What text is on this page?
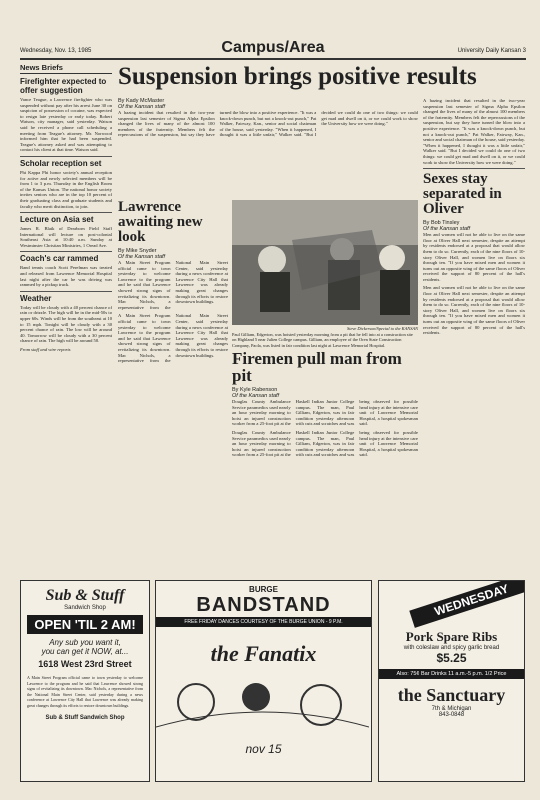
Wednesday, Nov. 13, 1985	Campus/Area	University Daily Kansan 3
News Briefs
Firefighter expected to offer suggestion
Vance Teague, a Lawrence firefighter who was suspended without pay after his arrest June 30 on suspicion of possession of cocaine, was expected to resign late yesterday or early today. Robert Watson, city manager, said yesterday. Watson said he received a phone call scheduling a meeting from Teague's attorney. Mr. Norwood informed him that he had been suspended. Teague's attorney asked and was attempting to contact his client at that time. Watson said.
Scholar reception set
Phi Kappa Phi honor society's annual reception for active and newly selected members will be from 1 to 3 p.m. Thursday in the English Room of the Kansas Union. The national honor society invites seniors who are in the top 10 percent of their graduating class and graduate students and faculty who merit distinction, to join.
Lecture on Asia set
James R. Blaik of Dearborn Field Staff International will lecture on post-colonial Southeast Asia at 10:40 a.m. Sunday at Westminster Christian Ministries, 1 Oread Ave.
Coach's car rammed
Band tennis coach Scott Perelman was treated and released from Lawrence Memorial Hospital last night after the car he was driving was rammed by a pickup truck.
Weather
Today will be cloudy with a 40 percent chance of rain or drizzle. The high will be in the mid-50s to upper 60s. Winds will be from the southeast at 10 to 15 mph. Tonight will be cloudy with a 30 percent chance of rain. The low will be around 40. Tomorrow will be cloudy with a 30 percent chance of rain. The high will be around 50.
From staff and wire reports
Suspension brings positive results
By Kady McMaster
Of the Kansan staff
A hazing incident that resulted in the two-year suspension last semester of Sigma Alpha Epsilon changed the lives of many of the almost 100 members of the fraternity. Members felt the repercussions of the suspension, but say they have turned the blow into a positive experience. "It was a knock-down punch, but not a knock-out punch," Pat Walker, Fairway, Kan., senior and social chairman of the house, said yesterday. "When it happened, I thought it was a little unfair," Walker said. "But I decided we could do one of two things: we could get mad and dwell on it, or we could work to show the University how we were doing."
A hazing incident that resulted in the two-year suspension last semester of Sigma Alpha Epsilon changed the lives of many of the almost 100 members of the fraternity. Members felt the repercussions of the suspension, but say they have turned the blow into a positive experience. "It was a knock-down punch, but not a knock-out punch," Pat Walker, Fairway, Kan., senior and social chairman of the house, said yesterday. "When it happened, I thought it was a little unfair," Walker said. "But I decided we could do one of two things: we could get mad and dwell on it, or we could work to show the University how we were doing."
Sexes stay separated in Oliver
By Bob Tinsley
Of the Kansan staff
Men and women will not be able to live on the same floor at Oliver Hall next semester, despite an attempt by residents endorsed at a proposal that would allow them to do so. Currently, each of the nine floors of 10-story Oliver Hall, and women live on floors six through ten. "If you have mixed men and women it turns out an opposite wing of the same floors of Oliver received the support of 80 percent of the hall's residents.
Men and women will not be able to live on the same floor at Oliver Hall next semester, despite an attempt by residents endorsed at a proposal that would allow them to do so. Currently, each of the nine floors of 10-story Oliver Hall, and women live on floors six through ten. "If you have mixed men and women it turns out an opposite wing of the same floors of Oliver received the support of 80 percent of the hall's residents.
Lawrence awaiting new look
By Mike Snyder
Of the Kansan staff
A Main Street Program official came to town yesterday to welcome Lawrence to the program and he said that Lawrence showed strong signs of revitalizing its downtown. Mac Nichols, a representative from the National Main Street Center, said yesterday during a news conference at Lawrence City Hall that Lawrence was already making great changes through its efforts to restore downtown buildings.
A Main Street Program official came to town yesterday to welcome Lawrence to the program and he said that Lawrence showed strong signs of revitalizing its downtown. Mac Nichols, a representative from the National Main Street Center, said yesterday during a news conference at Lawrence City Hall that Lawrence was already making great changes through its efforts to restore downtown buildings.
Steve Dickerson/Special to the KANSAN
Paul Gilliam, Edgerton, was hoisted yesterday morning from a pit that he fell into at a construction site on Highland 5 near Julien College campus. Gilliam, an employee of the Oren State Construction Company, Paola, was listed in fair condition last night at Lawrence Memorial Hospital.
Firemen pull man from pit
By Kyle Rabenson
Of the Kansan staff
Douglas County Ambulance Service paramedics used nearly an hour yesterday morning to hoist an injured construction worker from a 25-foot pit at the Haskell Indian Junior College campus. The man, Paul Gilliam, Edgerton, was in fair condition yesterday afternoon with cuts and scratches and was being observed for possible head injury at the intensive care unit of Lawrence Memorial Hospital, a hospital spokesman said.
Douglas County Ambulance Service paramedics used nearly an hour yesterday morning to hoist an injured construction worker from a 25-foot pit at the Haskell Indian Junior College campus. The man, Paul Gilliam, Edgerton, was in fair condition yesterday afternoon with cuts and scratches and was being observed for possible head injury at the intensive care unit of Lawrence Memorial Hospital, a hospital spokesman said.
Sub & Stuff
Sandwich Shop
OPEN 'TIL 2 AM!
Any sub you want it,
you can get it NOW, at...
1618 West 23rd Street
A Main Street Program official came to town yesterday to welcome Lawrence to the program and he said that Lawrence showed strong signs of revitalizing its downtown. Mac Nichols, a representative from the National Main Street Center, said yesterday during a news conference at Lawrence City Hall that Lawrence was already making great changes through its efforts to restore downtown buildings.
Sub & Stuff Sandwich Shop
BURGE
BANDSTAND
FREE FRIDAY DANCES COURTESY OF THE BURGE UNION - 9 P.M.
the Fanatix
nov 15
WEDNESDAY
Pork Spare Ribs
with coleslaw and spicy garlic bread
$5.25
Also: 75¢ Bar Drinks 11 a.m.-5 p.m. 1/2 Price
the Sanctuary
7th & Michigan
843-0848
